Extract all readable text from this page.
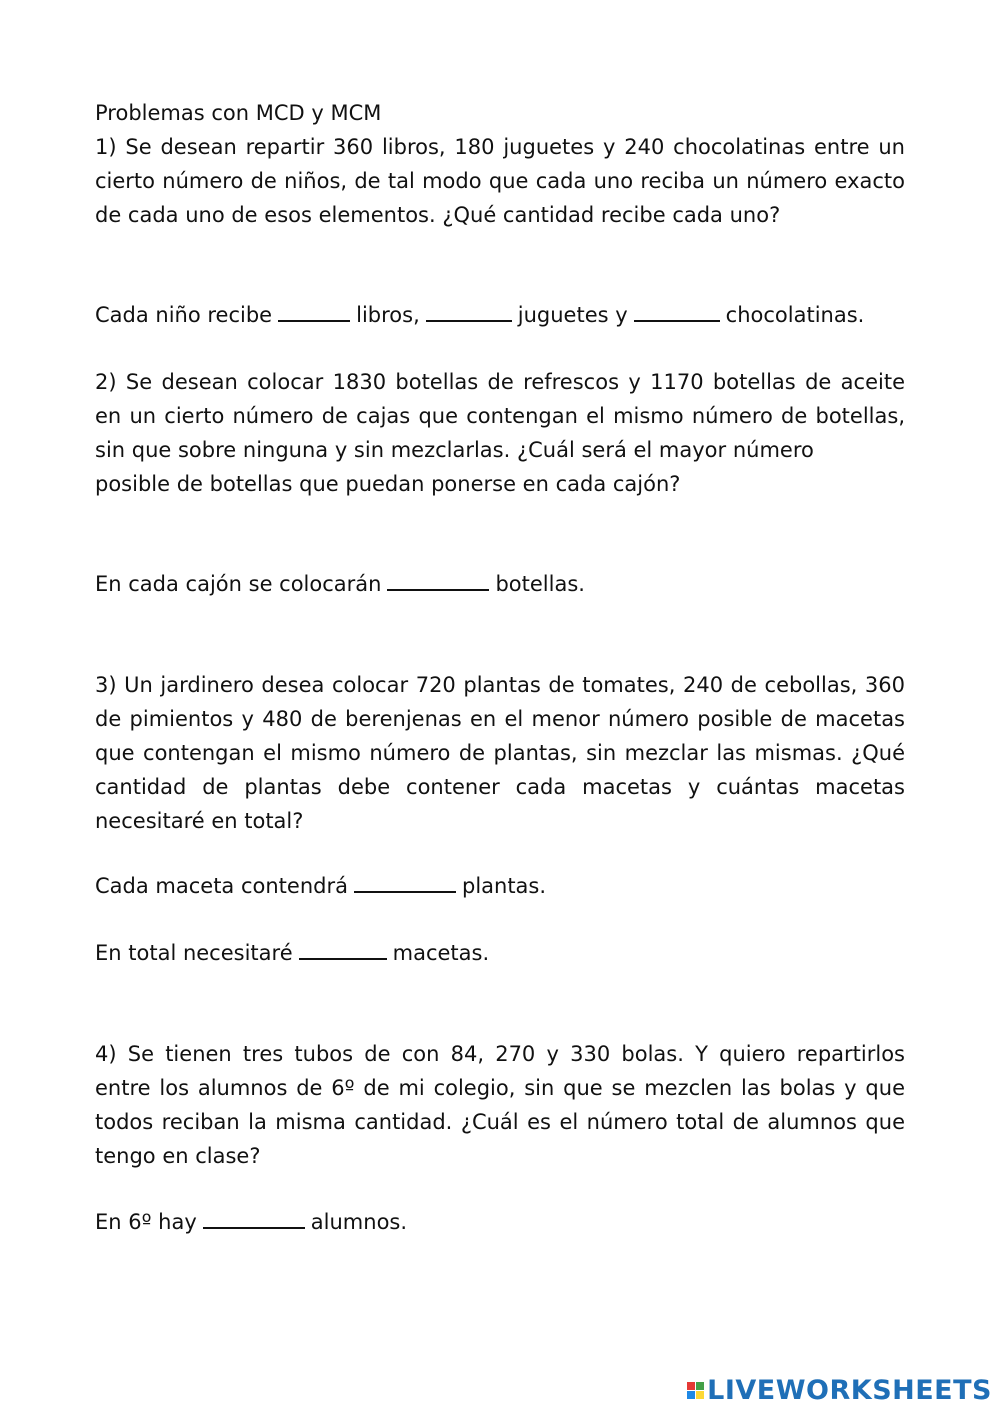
Problemas con MCD y MCM
1) Se desean repartir 360 libros, 180 juguetes y 240 chocolatinas entre un
cierto número de niños, de tal modo que cada uno reciba un número exacto
de cada uno de esos elementos. ¿Qué cantidad recibe cada uno?
Cada niño recibe	libros,	juguetes y	chocolatinas.
2) Se desean colocar 1830 botellas de refrescos y 1170 botellas de aceite
en un cierto número de cajas que contengan el mismo número de botellas,
sin que sobre ninguna y sin mezclarlas. ¿Cuál será el mayor número
posible de botellas que puedan ponerse en cada cajón?
En cada cajón se colocarán	botellas.
3) Un jardinero desea colocar 720 plantas de tomates, 240 de cebollas, 360
de pimientos y 480 de berenjenas en el menor número posible de macetas
que contengan el mismo número de plantas, sin mezclar las mismas. ¿Qué
cantidad de plantas debe contener cada macetas y cuántas macetas
necesitaré en total?
Cada maceta contendrá	plantas.
En total necesitaré	macetas.
4) Se tienen tres tubos de con 84, 270 y 330 bolas. Y quiero repartirlos
entre los alumnos de 6º de mi colegio, sin que se mezclen las bolas y que
todos reciban la misma cantidad. ¿Cuál es el número total de alumnos que
tengo en clase?
En 6º hay	alumnos.
LIVEWORKSHEETS
